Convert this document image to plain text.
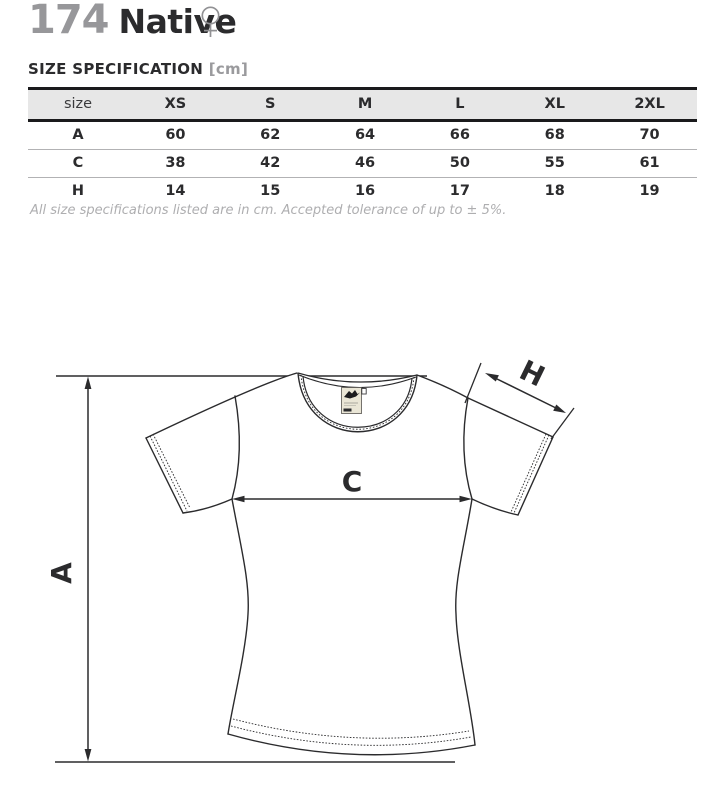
174 Native
SIZE SPECIFICATION [cm]
size	XS	S	M	L	XL	2XL
A	60	62	64	66	68	70
C	38	42	46	50	55	61
H	14	15	16	17	18	19
All size specifications listed are in cm. Accepted tolerance of up to ± 5%.
A
C
H
